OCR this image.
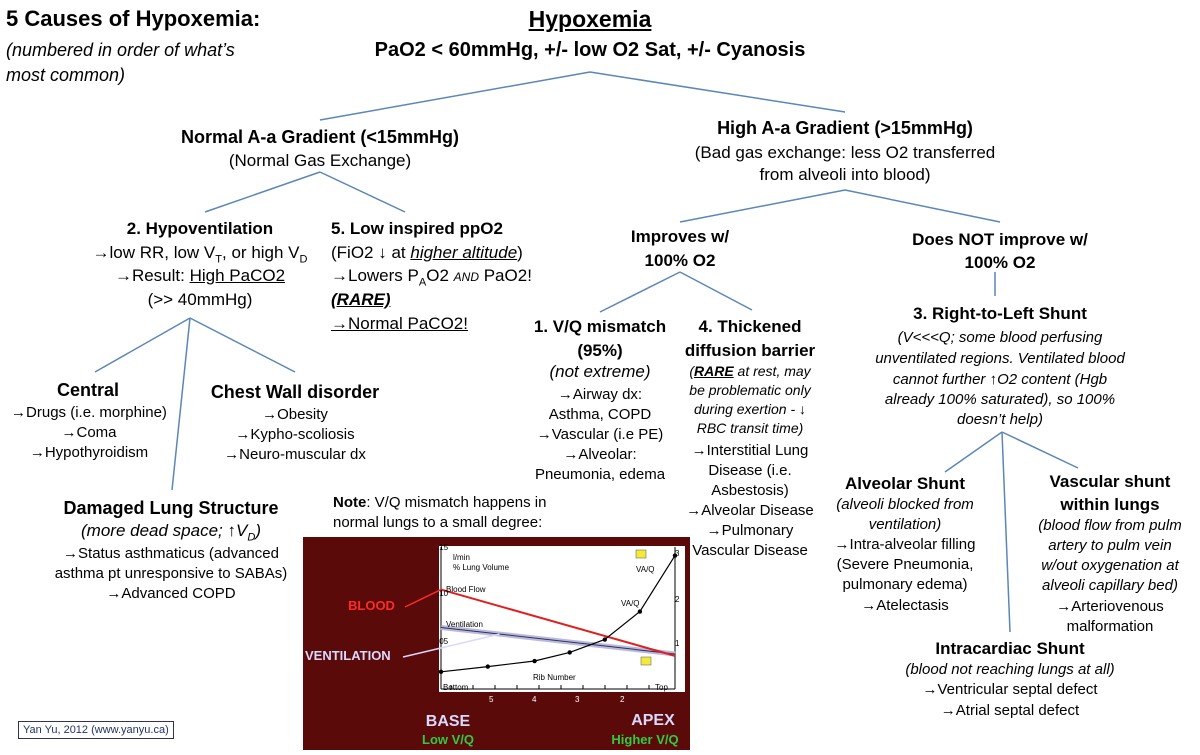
5 Causes of Hypoxemia:
(numbered in order of what’s
most common)
Hypoxemia
PaO2 < 60mmHg, +/- low O2 Sat, +/- Cyanosis
Normal A-a Gradient (<15mmHg)
(Normal Gas Exchange)
High A-a Gradient (>15mmHg)
(Bad gas exchange: less O2 transferred
from alveoli into blood)
2. Hypoventilation
→low RR, low $V_T$, or high $V_D$
→Result: High PaCO2
(>> 40mmHg)
5. Low inspired ppO2
(FiO2 ↓ at higher altitude)
→Lowers $P_AO2$ AND PaO2!
(RARE)
→Normal PaCO2!
Central
→Drugs (i.e. morphine)
→Coma
→Hypothyroidism
Chest Wall disorder
→Obesity
→Kypho-scoliosis
→Neuro-muscular dx
Damaged Lung Structure
(more dead space; $↑V_D$)
→Status asthmaticus (advanced
asthma pt unresponsive to SABAs)
→Advanced COPD
Improves w/
100% O2
Does NOT improve w/
100% O2
1. V/Q mismatch
(95%)
(not extreme)
→Airway dx:
Asthma, COPD
→Vascular (i.e PE)
→Alveolar:
Pneumonia, edema
4. Thickened
diffusion barrier
(RARE at rest, may
be problematic only
during exertion - ↓
RBC transit time)
→Interstitial Lung
Disease (i.e.
Asbestosis)
→Alveolar Disease
→Pulmonary
Vascular Disease
3. Right-to-Left Shunt
(V<<<Q; some blood perfusing
unventilated regions. Ventilated blood
cannot further ↑O2 content (Hgb
already 100% saturated), so 100%
doesn’t help)
Alveolar Shunt
(alveoli blocked from
ventilation)
→Intra-alveolar filling
(Severe Pneumonia,
pulmonary edema)
→Atelectasis
Vascular shunt
within lungs
(blood flow from pulm
artery to pulm vein
w/out oxygenation at
alveoli capillary bed)
→Arteriovenous
malformation
Intracardiac Shunt
(blood not reaching lungs at all)
→Ventricular septal defect
→Atrial septal defect
Note: V/Q mismatch happens in
normal lungs to a small degree:
.15
.10
.05
3
2
1
l/min
% Lung Volume
Blood Flow
Ventilation
VA/Q
VA/Q
Rib Number
Bottom	Top
5	4	3	2
BLOOD
VENTILATION
BASE
Low V/Q
APEX
Higher V/Q
Yan Yu, 2012 (www.yanyu.ca)
